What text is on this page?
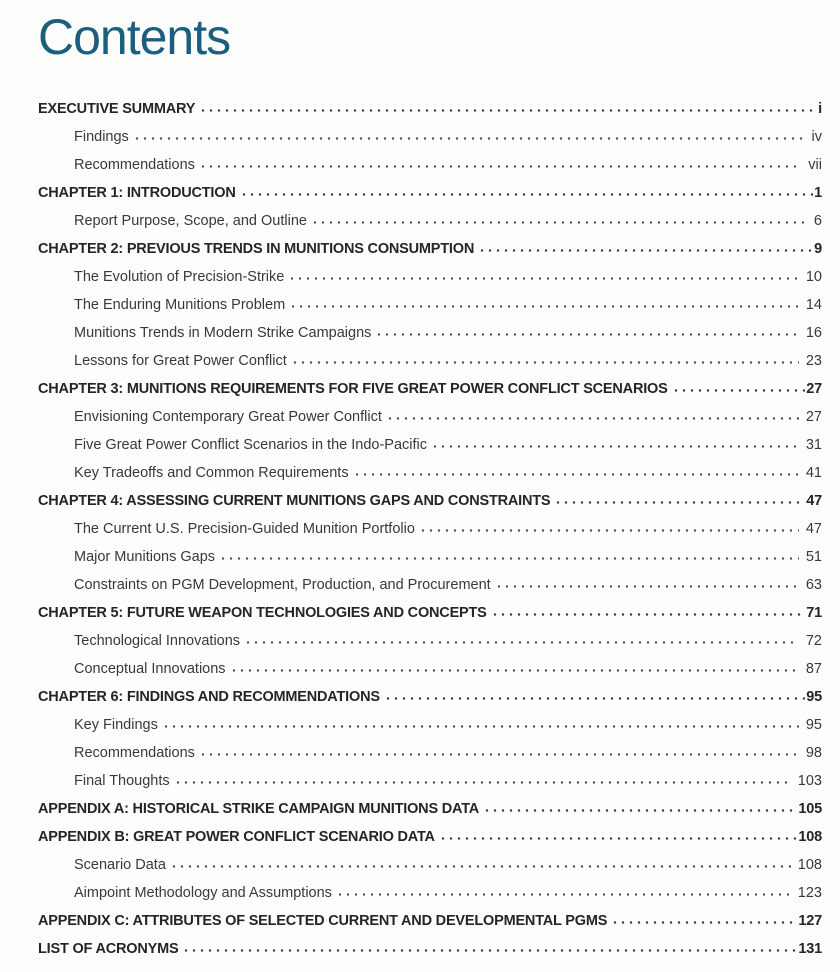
Contents
EXECUTIVE SUMMARY	i
Findings	iv
Recommendations	vii
CHAPTER 1: INTRODUCTION	1
Report Purpose, Scope, and Outline	6
CHAPTER 2: PREVIOUS TRENDS IN MUNITIONS CONSUMPTION	9
The Evolution of Precision-Strike	10
The Enduring Munitions Problem	14
Munitions Trends in Modern Strike Campaigns	16
Lessons for Great Power Conflict	23
CHAPTER 3: MUNITIONS REQUIREMENTS FOR FIVE GREAT POWER CONFLICT SCENARIOS	27
Envisioning Contemporary Great Power Conflict	27
Five Great Power Conflict Scenarios in the Indo-Pacific	31
Key Tradeoffs and Common Requirements	41
CHAPTER 4: ASSESSING CURRENT MUNITIONS GAPS AND CONSTRAINTS	47
The Current U.S. Precision-Guided Munition Portfolio	47
Major Munitions Gaps	51
Constraints on PGM Development, Production, and Procurement	63
CHAPTER 5: FUTURE WEAPON TECHNOLOGIES AND CONCEPTS	71
Technological Innovations	72
Conceptual Innovations	87
CHAPTER 6: FINDINGS AND RECOMMENDATIONS	95
Key Findings	95
Recommendations	98
Final Thoughts	103
APPENDIX A: HISTORICAL STRIKE CAMPAIGN MUNITIONS DATA	105
APPENDIX B: GREAT POWER CONFLICT SCENARIO DATA	108
Scenario Data	108
Aimpoint Methodology and Assumptions	123
APPENDIX C: ATTRIBUTES OF SELECTED CURRENT AND DEVELOPMENTAL PGMS	127
LIST OF ACRONYMS	131
